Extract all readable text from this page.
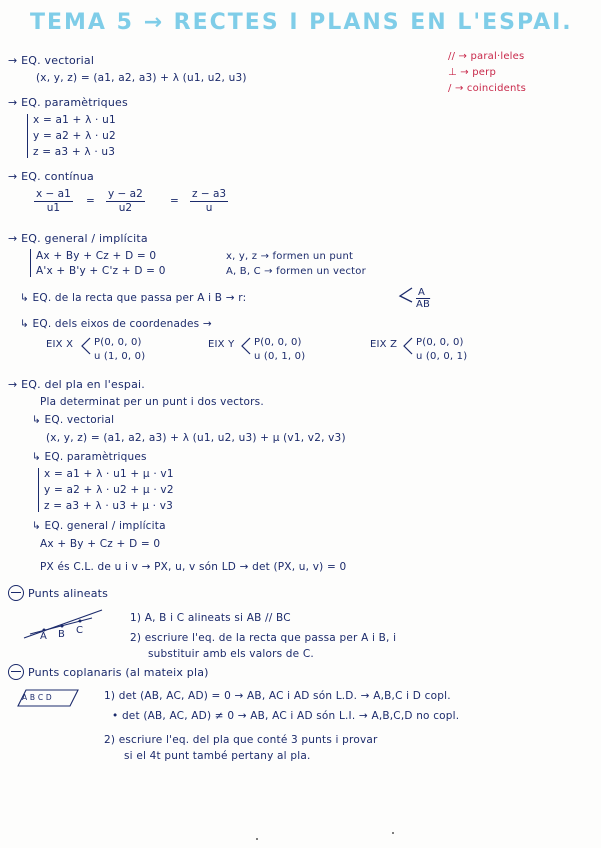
TEMA 5 → RECTES I PLANS EN L'ESPAI.
// → paral·leles
⊥ → perp
/ → coincidents
→ EQ. vectorial
(x, y, z) = (a1, a2, a3) + λ (u1, u2, u3)
→ EQ. paramètriques
x = a1 + λ · u1
y = a2 + λ · u2
z = a3 + λ · u3
→ EQ. contínua
$\frac{x - a1}{u1} = \frac{y - a2}{u2} = \frac{z - a3}{u}$
→ EQ. general / implícita
Ax + By + Cz + D = 0
A'x + B'y + C'z + D = 0
x, y, z → formen un punt
A, B, C → formen un vector
↳ EQ. de la recta que passa per A i B → r:	A
$\overline{AB}$
↳ EQ. dels eixos de coordenades →
EIX X P(0, 0, 0)
u (1, 0, 0)
EIX Y P(0, 0, 0)
u (0, 1, 0)
EIX Z P(0, 0, 0)
u (0, 0, 1)
→ EQ. del pla en l'espai.
Pla determinat per un punt i dos vectors.
↳ EQ. vectorial
(x, y, z) = (a1, a2, a3) + λ (u1, u2, u3) + μ (v1, v2, v3)
↳ EQ. paramètriques
x = a1 + λ · u1 + μ · v1
y = a2 + λ · u2 + μ · v2
z = a3 + λ · u3 + μ · v3
↳ EQ. general / implícita
Ax + By + Cz + D = 0
PX és C.L. de u i v → PX, u, v són LD → det (PX, u, v) = 0
Punts alineats
A B C
1) A, B i C alineats si AB // BC
2) escriure l'eq. de la recta que passa per A i B, i
substituir amb els valors de C.
Punts coplanaris (al mateix pla)
A B C D	1) det (AB, AC, AD) = 0 → AB, AC i AD són L.D. → A,B,C i D copl.
• det (AB, AC, AD) ≠ 0 → AB, AC i AD són L.I. → A,B,C,D no copl.
2) escriure l'eq. del pla que conté 3 punts i provar
si el 4t punt també pertany al pla.
